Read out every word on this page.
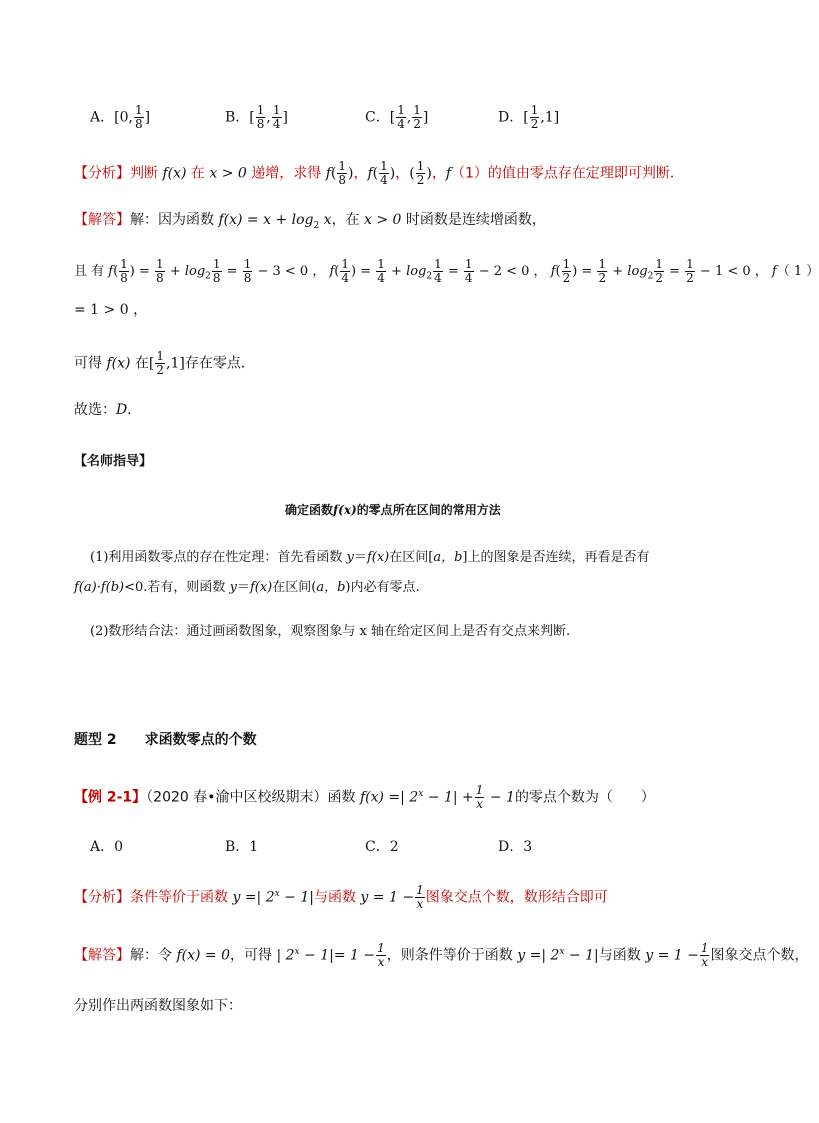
A．[0, $\frac{1}{8}$ ]	B．[ $\frac{1}{8}$ , $\frac{1}{4}$ ]	C．[ $\frac{1}{4}$ , $\frac{1}{2}$ ]	D．[ $\frac{1}{2} ,1$]
【分析】判断 f(x) 在 x > 0 递增，求得 $f( \frac{1}{8}$ )，$f( \frac{1}{4}$ )，( $\frac{1}{2}$ )，f（1）的值由零点存在定理即可判断．
【解答】解：因为函数 $f(x) = x + \log_2 x$，在 x > 0 时函数是连续增函数，
且 有 $f( \frac{1}{8}$ ) = $\frac{1}{8} + \log_2 \frac{1}{8} = \frac{1}{8} - 3 < 0$ ， $f( \frac{1}{4}$ ) = $\frac{1}{4} + \log_2 \frac{1}{4} = \frac{1}{4} - 2 < 0$ ， $f( \frac{1}{2}$ ) = $\frac{1}{2} + \log_2 \frac{1}{2} = \frac{1}{2} - 1 < 0$ ， f（ 1 ）
= 1 > 0 ，
可得 f(x) 在[ $\frac{1}{2} ,1$]存在零点．
故选：D．
【名师指导】
确定函数f(x)的零点所在区间的常用方法
(1)利用函数零点的存在性定理：首先看函数 y＝f(x)在区间[a，b]上的图象是否连续，再看是否有
f(a)·f(b)<0.若有，则函数 y＝f(x)在区间(a，b)内必有零点.
(2)数形结合法：通过画函数图象，观察图象与 x 轴在给定区间上是否有交点来判断.
题型 2 求函数零点的个数
【例 2-1】（2020 春•渝中区校级期末）函数 f(x) =| $2^x - 1| + \frac{1}{x} - 1$的零点个数为（　　）
A．0	B．1	C．2	D．3
【分析】条件等价于函数 y =| $2^x - 1|$与函数 $y = 1 - \frac{1}{x}$ 图象交点个数，数形结合即可
【解答】解：令 f(x) = 0，可得 | $2^x - 1|= 1 - \frac{1}{x}$ ，则条件等价于函数 y =| $2^x - 1|$与函数 $y = 1 - \frac{1}{x}$ 图象交点个数，
分别作出两函数图象如下：
